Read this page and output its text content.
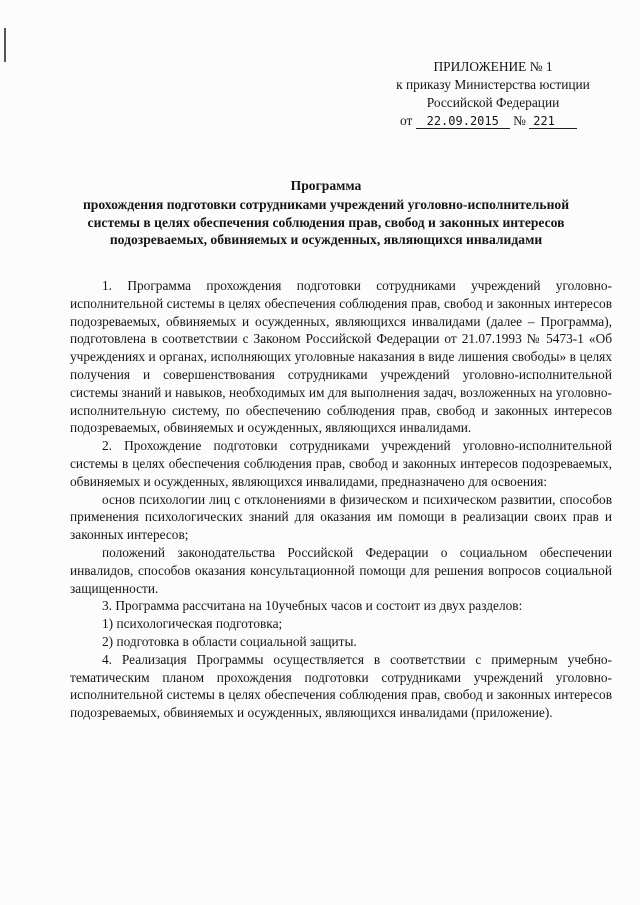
ПРИЛОЖЕНИЕ № 1
к приказу Министерства юстиции
Российской Федерации
от 22.09.2015 № 221
Программа
прохождения подготовки сотрудниками учреждений уголовно-исполнительной системы в целях обеспечения соблюдения прав, свобод и законных интересов подозреваемых, обвиняемых и осужденных, являющихся инвалидами

1. Программа прохождения подготовки сотрудниками учреждений уголовно-исполнительной системы в целях обеспечения соблюдения прав, свобод и законных интересов подозреваемых, обвиняемых и осужденных, являющихся инвалидами (далее – Программа), подготовлена в соответствии с Законом Российской Федерации от 21.07.1993 № 5473-1 «Об учреждениях и органах, исполняющих уголовные наказания в виде лишения свободы» в целях получения и совершенствования сотрудниками учреждений уголовно-исполнительной системы знаний и навыков, необходимых им для выполнения задач, возложенных на уголовно-исполнительную систему, по обеспечению соблюдения прав, свобод и законных интересов подозреваемых, обвиняемых и осужденных, являющихся инвалидами.

2. Прохождение подготовки сотрудниками учреждений уголовно-исполнительной системы в целях обеспечения соблюдения прав, свобод и законных интересов подозреваемых, обвиняемых и осужденных, являющихся инвалидами, предназначено для освоения:

основ психологии лиц с отклонениями в физическом и психическом развитии, способов применения психологических знаний для оказания им помощи в реализации своих прав и законных интересов;

положений законодательства Российской Федерации о социальном обеспечении инвалидов, способов оказания консультационной помощи для решения вопросов социальной защищенности.

3. Программа рассчитана на 10учебных часов и состоит из двух разделов:

1) психологическая подготовка;

2) подготовка в области социальной защиты.

4. Реализация Программы осуществляется в соответствии с примерным учебно-тематическим планом прохождения подготовки сотрудниками учреждений уголовно-исполнительной системы в целях обеспечения соблюдения прав, свобод и законных интересов подозреваемых, обвиняемых и осужденных, являющихся инвалидами (приложение).
